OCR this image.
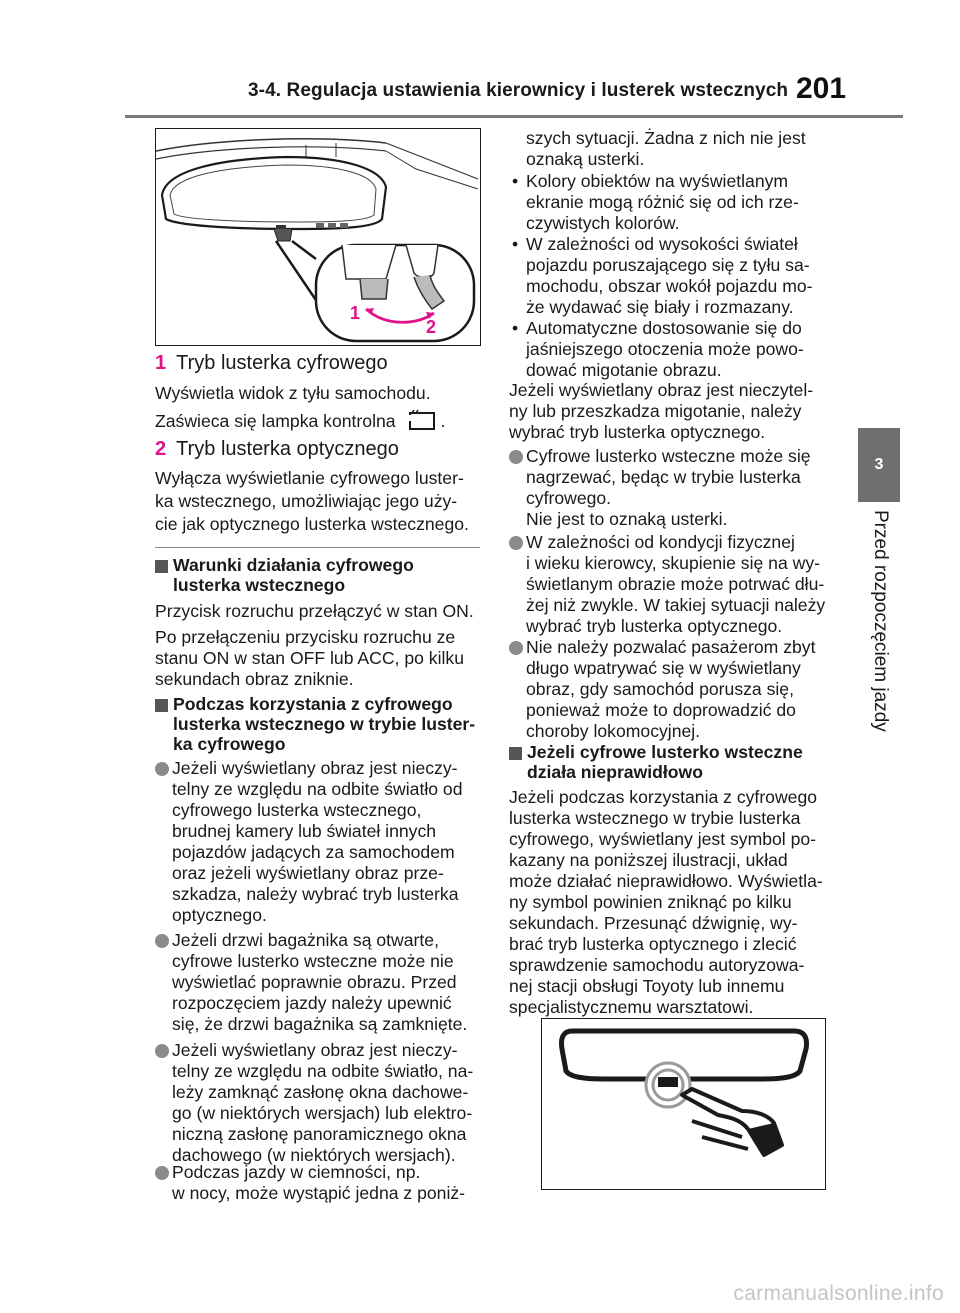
3-4. Regulacja ustawienia kierownicy i lusterek wstecznych 201
3
Przed rozpoczęciem jazdy
1
2
1 Tryb lusterka cyfrowego
Wyświetla widok z tyłu samochodu.
Zaświeca się lampka kontrolna	.
2 Tryb lusterka optycznego
Wyłącza wyświetlanie cyfrowego luster-
ka wstecznego, umożliwiając jego uży-
cie jak optycznego lusterka wstecznego.
Warunki działania cyfrowego
lusterka wstecznego
Przycisk rozruchu przełączyć w stan ON.
Po przełączeniu przycisku rozruchu ze
stanu ON w stan OFF lub ACC, po kilku
sekundach obraz zniknie.
Podczas korzystania z cyfrowego
lusterka wstecznego w trybie luster-
ka cyfrowego
Jeżeli wyświetlany obraz jest nieczy-
telny ze względu na odbite światło od
cyfrowego lusterka wstecznego,
brudnej kamery lub świateł innych
pojazdów jadących za samochodem
oraz jeżeli wyświetlany obraz prze-
szkadza, należy wybrać tryb lusterka
optycznego.
Jeżeli drzwi bagażnika są otwarte,
cyfrowe lusterko wsteczne może nie
wyświetlać poprawnie obrazu. Przed
rozpoczęciem jazdy należy upewnić
się, że drzwi bagażnika są zamknięte.
Jeżeli wyświetlany obraz jest nieczy-
telny ze względu na odbite światło, na-
leży zamknąć zasłonę okna dachowe-
go (w niektórych wersjach) lub elektro-
niczną zasłonę panoramicznego okna
dachowego (w niektórych wersjach).
Podczas jazdy w ciemności, np.
w nocy, może wystąpić jedna z poniż-
szych sytuacji. Żadna z nich nie jest
oznaką usterki.
• Kolory obiektów na wyświetlanym
ekranie mogą różnić się od ich rze-
czywistych kolorów.
• W zależności od wysokości świateł
pojazdu poruszającego się z tyłu sa-
mochodu, obszar wokół pojazdu mo-
że wydawać się biały i rozmazany.
• Automatyczne dostosowanie się do
jaśniejszego otoczenia może powo-
dować migotanie obrazu.
Jeżeli wyświetlany obraz jest nieczytel-
ny lub przeszkadza migotanie, należy
wybrać tryb lusterka optycznego.
Cyfrowe lusterko wsteczne może się
nagrzewać, będąc w trybie lusterka
cyfrowego.
Nie jest to oznaką usterki.
W zależności od kondycji fizycznej
i wieku kierowcy, skupienie się na wy-
świetlanym obrazie może potrwać dłu-
żej niż zwykle. W takiej sytuacji należy
wybrać tryb lusterka optycznego.
Nie należy pozwalać pasażerom zbyt
długo wpatrywać się w wyświetlany
obraz, gdy samochód porusza się,
ponieważ może to doprowadzić do
choroby lokomocyjnej.
Jeżeli cyfrowe lusterko wsteczne
działa nieprawidłowo
Jeżeli podczas korzystania z cyfrowego
lusterka wstecznego w trybie lusterka
cyfrowego, wyświetlany jest symbol po-
kazany na poniższej ilustracji, układ
może działać nieprawidłowo. Wyświetla-
ny symbol powinien zniknąć po kilku
sekundach. Przesunąć dźwignię, wy-
brać tryb lusterka optycznego i zlecić
sprawdzenie samochodu autoryzowa-
nej stacji obsługi Toyoty lub innemu
specjalistycznemu warsztatowi.
carmanualsonline.info
